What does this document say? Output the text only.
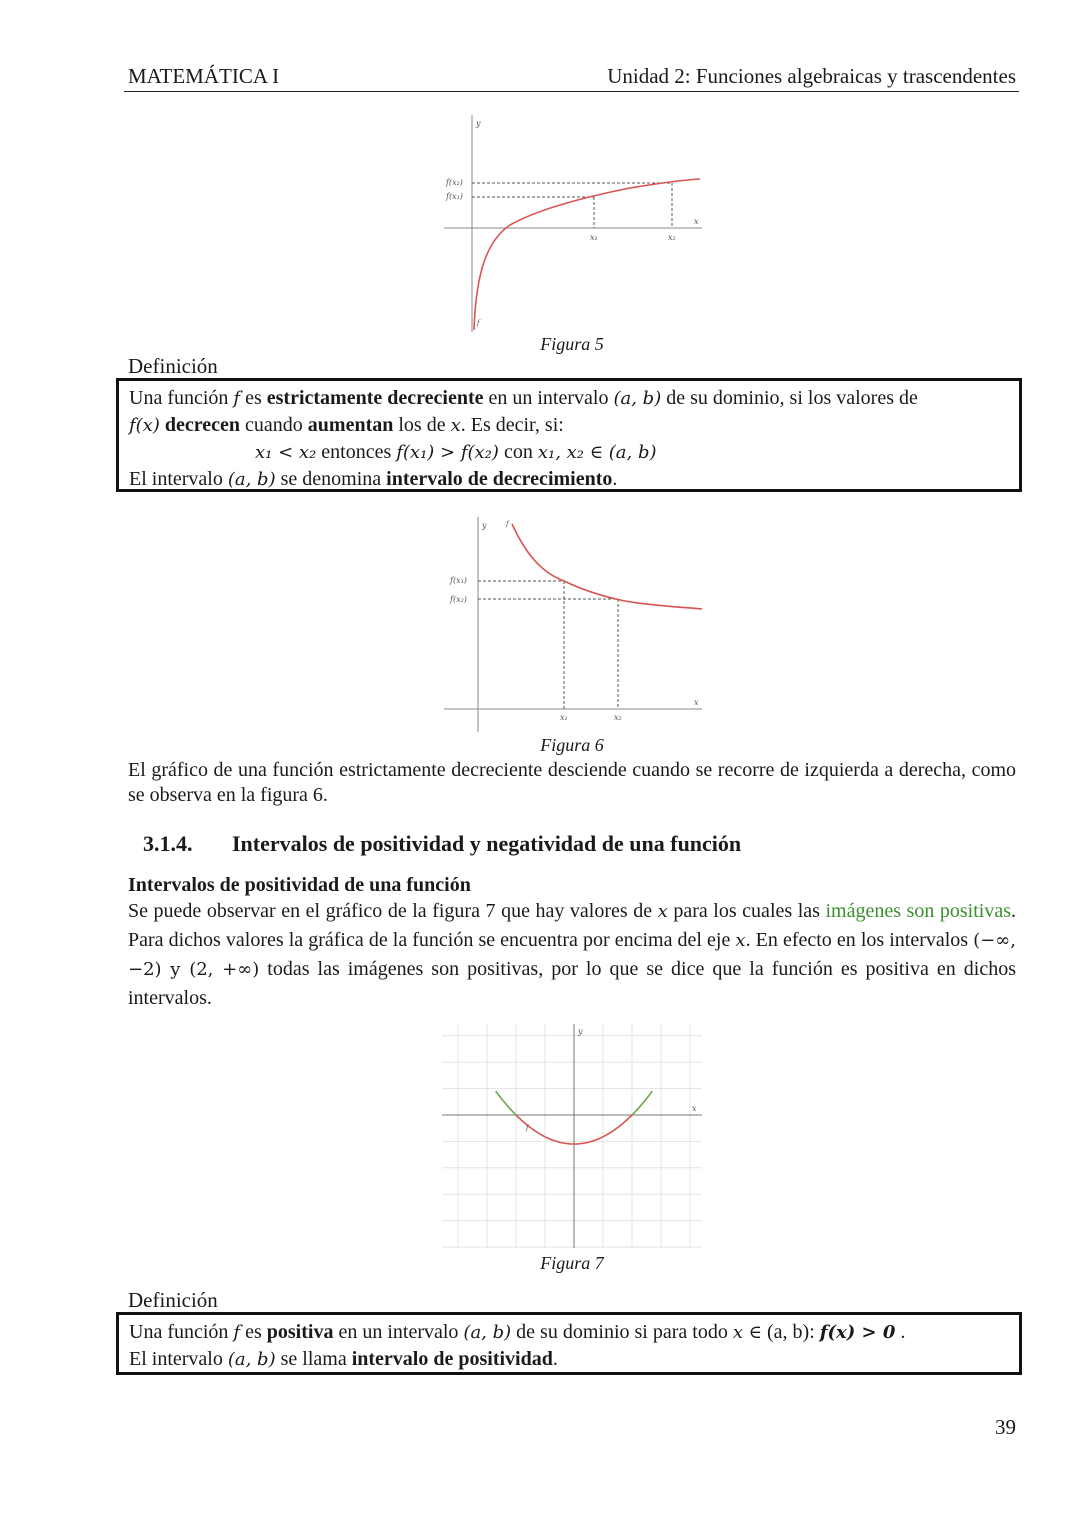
MATEMÁTICA I	Unidad 2: Funciones algebraicas y trascendentes
y
x
f(x₂)
f(x₁)
x₁	x₂
f
Figura 5
Definición
Una función f es estrictamente decreciente en un intervalo (a, b) de su dominio, si los valores de
f(x) decrecen cuando aumentan los de x. Es decir, si:
x₁ < x₂ entonces f(x₁) > f(x₂) con x₁, x₂ ∈ (a, b)
El intervalo (a, b) se denomina intervalo de decrecimiento.
y
x
f
f(x₁)
f(x₂)
x₁	x₂
Figura 6
El gráfico de una función estrictamente decreciente desciende cuando se recorre de izquierda a derecha, como se observa en la figura 6.
3.1.4. Intervalos de positividad y negatividad de una función
Intervalos de positividad de una función
Se puede observar en el gráfico de la figura 7 que hay valores de x para los cuales las imágenes son positivas. Para dichos valores la gráfica de la función se encuentra por encima del eje x. En efecto en los intervalos (−∞, −2) y (2, +∞) todas las imágenes son positivas, por lo que se dice que la función es positiva en dichos intervalos.
y
x
f
Figura 7
Definición
Una función f es positiva en un intervalo (a, b) de su dominio si para todo x ∈ (a, b): f(x) > 0 .
El intervalo (a, b) se llama intervalo de positividad.
39
